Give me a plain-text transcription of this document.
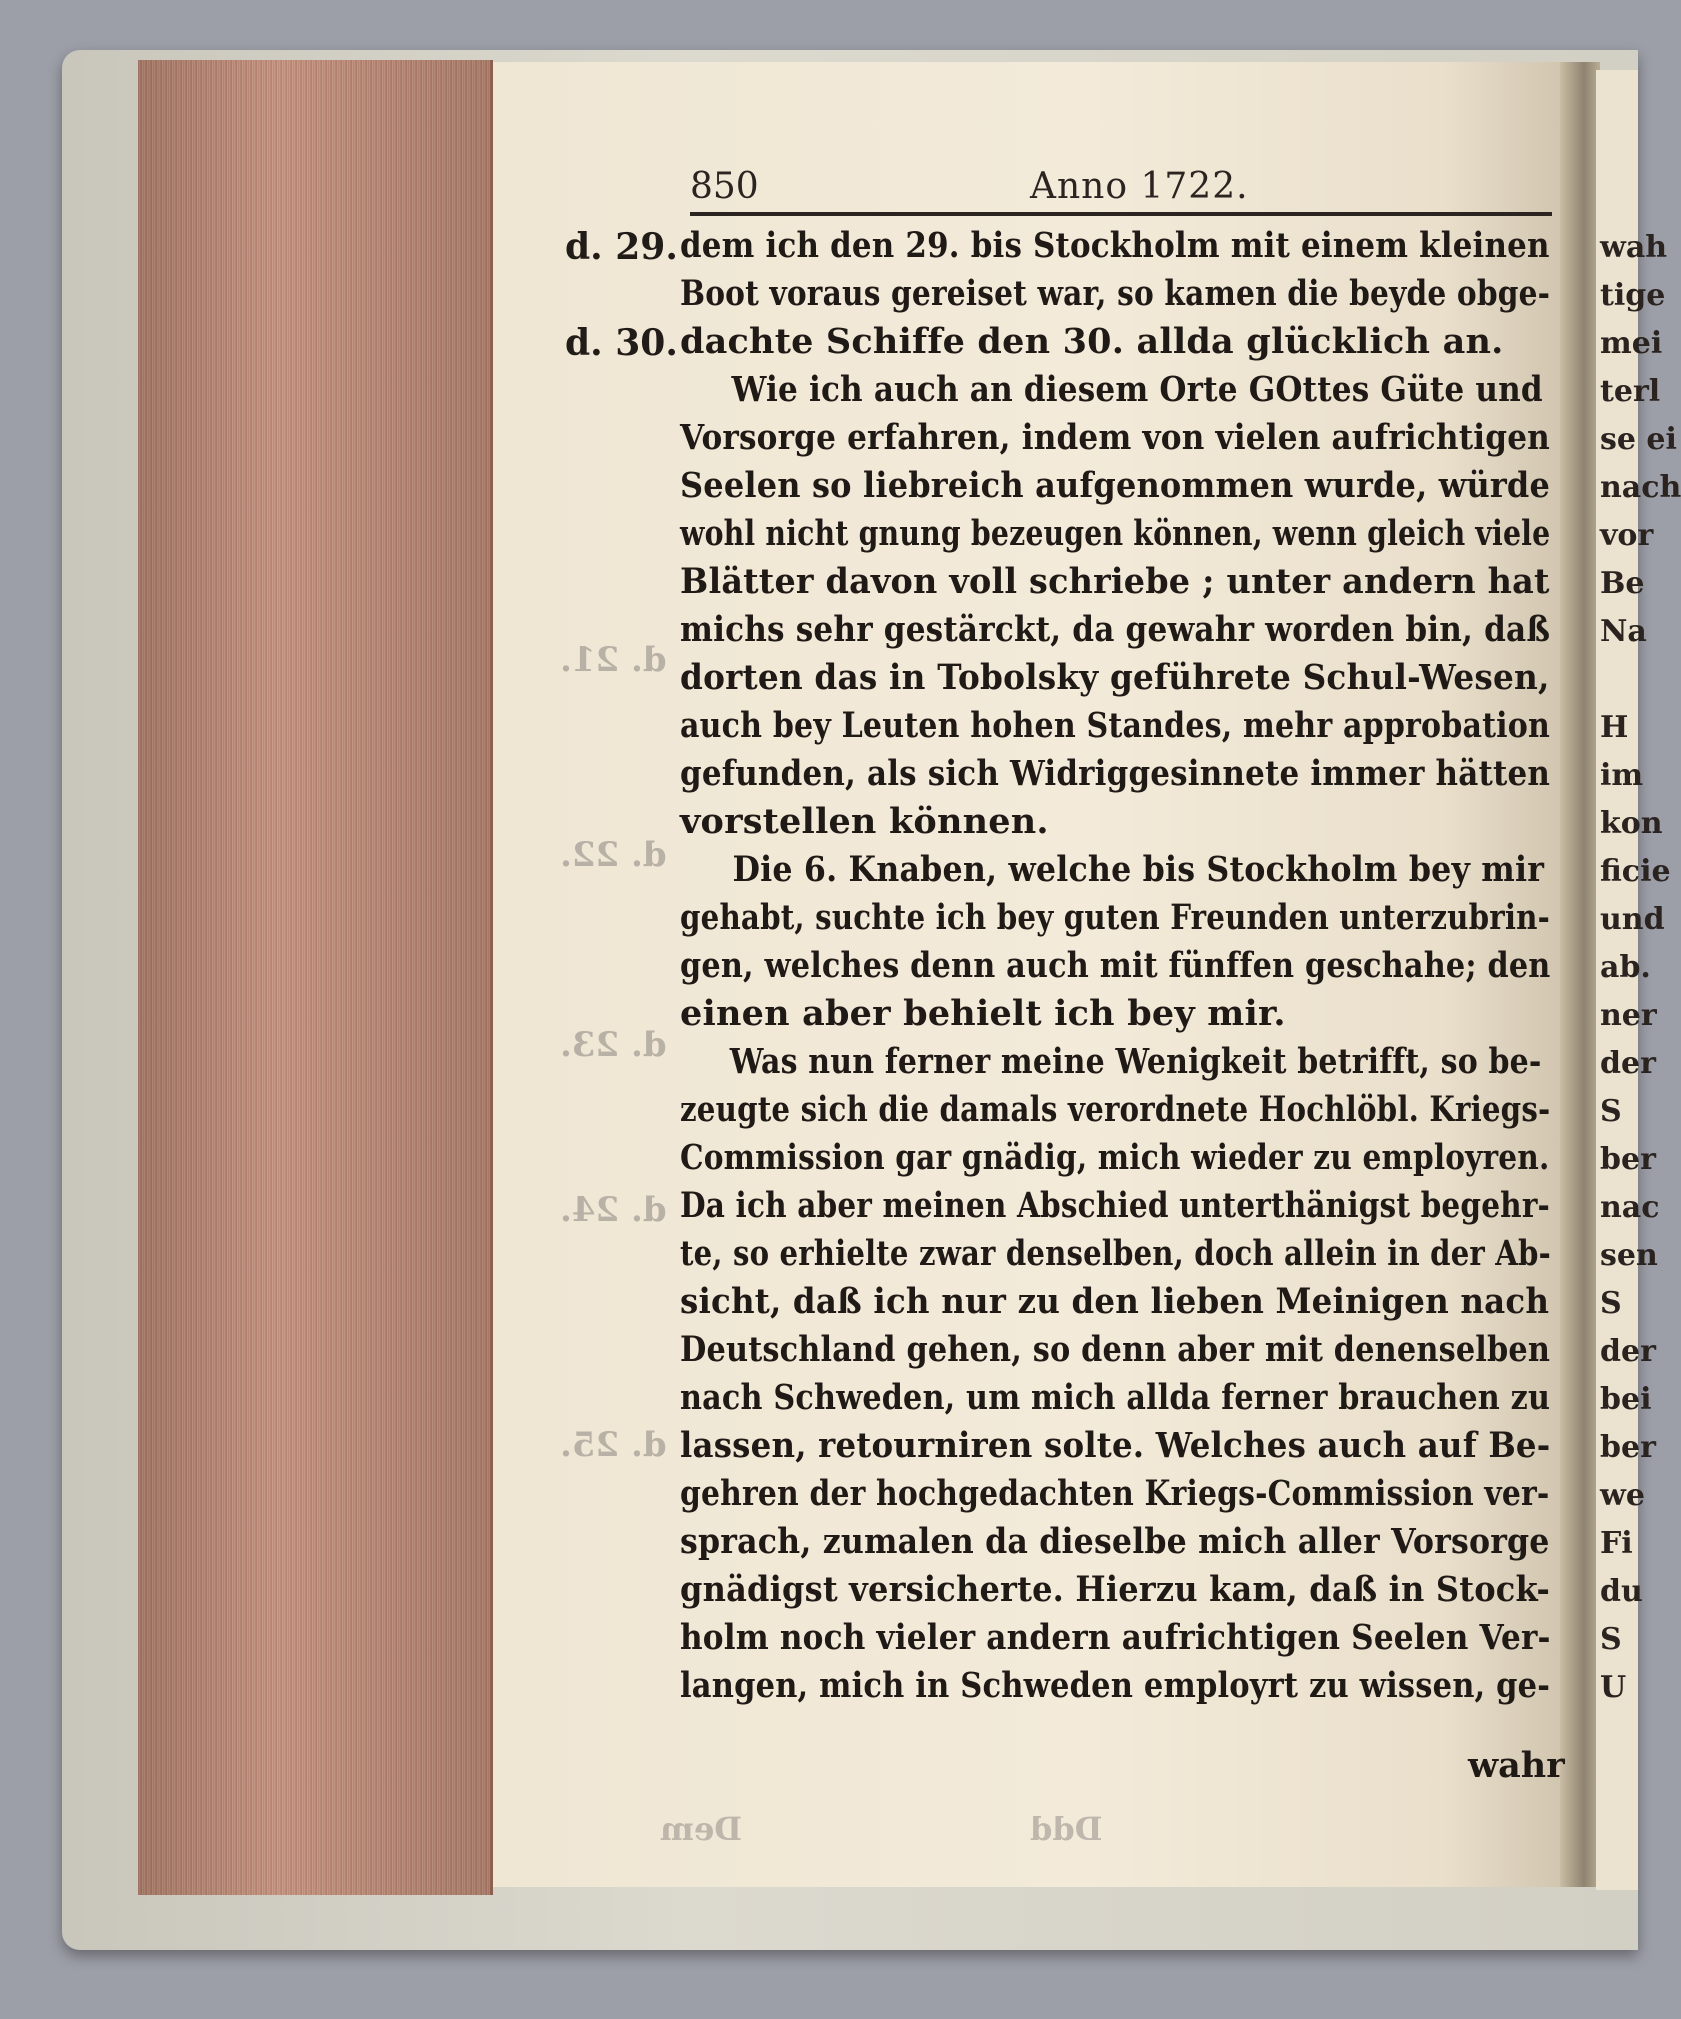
wah
tige
mei
terl
se ei
nach
vor
Be
Na
H
im
kon
ficie
und
ab.
ner
der
S
ber
nac
sen
S
der
bei
ber
we
Fi
du
S
U
850	Anno 1722.
d. 29.
d. 30.
d. 21.
d. 22.
d. 23.
d. 24.
d. 25.
dem ich den 29. bis Stockholm mit einem kleinen
Boot voraus gereiset war, so kamen die beyde obge-
dachte Schiffe den 30. allda glücklich an.
Wie ich auch an diesem Orte GOttes Güte und
Vorsorge erfahren, indem von vielen aufrichtigen
Seelen so liebreich aufgenommen wurde, würde
wohl nicht gnung bezeugen können, wenn gleich viele
Blätter davon voll schriebe ; unter andern hat
michs sehr gestärckt, da gewahr worden bin, daß
dorten das in Tobolsky geführete Schul-Wesen,
auch bey Leuten hohen Standes, mehr approbation
gefunden, als sich Widriggesinnete immer hätten
vorstellen können.
Die 6. Knaben, welche bis Stockholm bey mir
gehabt, suchte ich bey guten Freunden unterzubrin-
gen, welches denn auch mit fünffen geschahe; den
einen aber behielt ich bey mir.
Was nun ferner meine Wenigkeit betrifft, so be-
zeugte sich die damals verordnete Hochlöbl. Kriegs-
Commission gar gnädig, mich wieder zu employren.
Da ich aber meinen Abschied unterthänigst begehr-
te, so erhielte zwar denselben, doch allein in der Ab-
sicht, daß ich nur zu den lieben Meinigen nach
Deutschland gehen, so denn aber mit denenselben
nach Schweden, um mich allda ferner brauchen zu
lassen, retourniren solte. Welches auch auf Be-
gehren der hochgedachten Kriegs-Commission ver-
sprach, zumalen da dieselbe mich aller Vorsorge
gnädigst versicherte. Hierzu kam, daß in Stock-
holm noch vieler andern aufrichtigen Seelen Ver-
langen, mich in Schweden employrt zu wissen, ge-
wahr
Dem	Ddd
